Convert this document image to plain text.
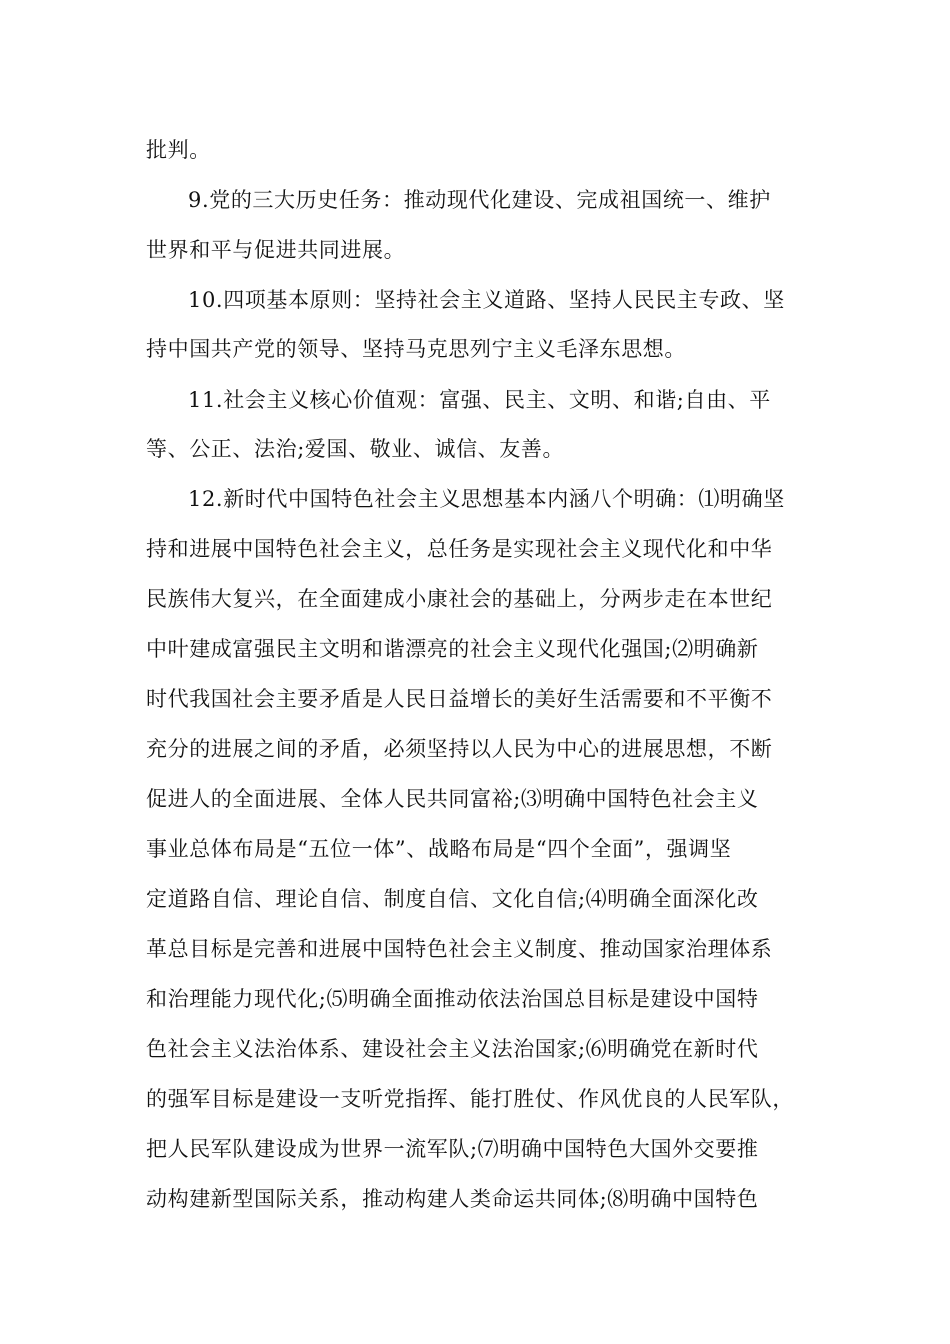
批判。
9.党的三大历史任务：推动现代化建设、完成祖国统一、维护
世界和平与促进共同进展。
10.四项基本原则：坚持社会主义道路、坚持人民民主专政、坚
持中国共产党的领导、坚持马克思列宁主义毛泽东思想。
11.社会主义核心价值观：富强、民主、文明、和谐;自由、平
等、公正、法治;爱国、敬业、诚信、友善。
12.新时代中国特色社会主义思想基本内涵八个明确：⑴明确坚
持和进展中国特色社会主义，总任务是实现社会主义现代化和中华
民族伟大复兴，在全面建成小康社会的基础上，分两步走在本世纪
中叶建成富强民主文明和谐漂亮的社会主义现代化强国;⑵明确新
时代我国社会主要矛盾是人民日益增长的美好生活需要和不平衡不
充分的进展之间的矛盾，必须坚持以人民为中心的进展思想，不断
促进人的全面进展、全体人民共同富裕;⑶明确中国特色社会主义
事业总体布局是“五位一体”、战略布局是“四个全面”，强调坚
定道路自信、理论自信、制度自信、文化自信;⑷明确全面深化改
革总目标是完善和进展中国特色社会主义制度、推动国家治理体系
和治理能力现代化;⑸明确全面推动依法治国总目标是建设中国特
色社会主义法治体系、建设社会主义法治国家;⑹明确党在新时代
的强军目标是建设一支听党指挥、能打胜仗、作风优良的人民军队，
把人民军队建设成为世界一流军队;⑺明确中国特色大国外交要推
动构建新型国际关系，推动构建人类命运共同体;⑻明确中国特色
